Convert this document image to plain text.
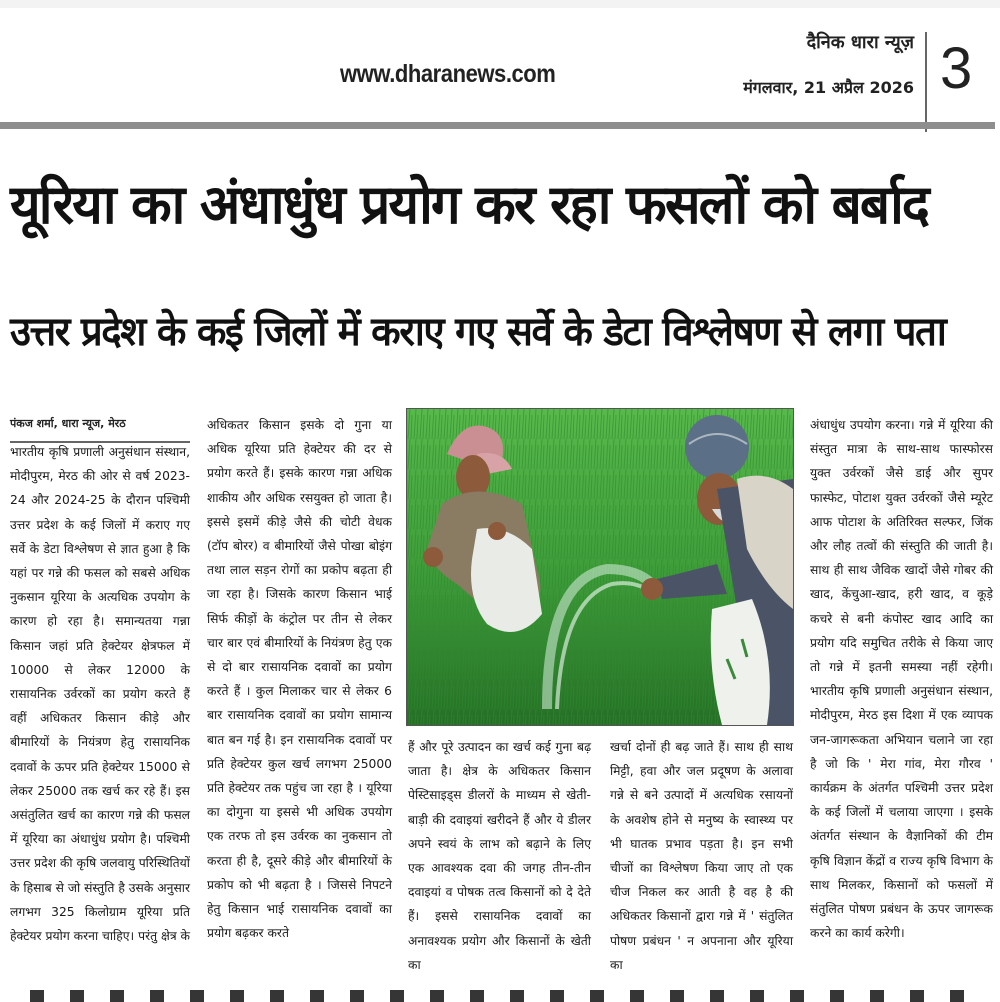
www.dharanews.com
दैनिक धारा न्यूज़
मंगलवार, 21 अप्रैल 2026 3
यूरिया का अंधाधुंध प्रयोग कर रहा फसलों को बर्बाद
उत्तर प्रदेश के कई जिलों में कराए गए सर्वे के डेटा विश्लेषण से लगा पता
पंकज शर्मा, धारा न्यूज, मेरठ
भारतीय कृषि प्रणाली अनुसंधान संस्थान, मोदीपुरम, मेरठ की ओर से वर्ष 2023-24 और 2024-25 के दौरान पश्चिमी उत्तर प्रदेश के कई जिलों में कराए गए सर्वे के डेटा विश्लेषण से ज्ञात हुआ है कि यहां पर गन्ने की फसल को सबसे अधिक नुकसान यूरिया के अत्यधिक उपयोग के कारण हो रहा है। समान्यतया गन्ना किसान जहां प्रति हेक्टेयर क्षेत्रफल में 10000 से लेकर 12000 के रासायनिक उर्वरकों का प्रयोग करते हैं वहीं अधिकतर किसान कीड़े और बीमारियों के नियंत्रण हेतु रासायनिक दवावों के ऊपर प्रति हेक्टेयर 15000 से लेकर 25000 तक खर्च कर रहे हैं। इस असंतुलित खर्च का कारण गन्ने की फसल में यूरिया का अंधाधुंध प्रयोग है। पश्चिमी उत्तर प्रदेश की कृषि जलवायु परिस्थितियों के हिसाब से जो संस्तुति है उसके अनुसार लगभग 325 किलोग्राम यूरिया प्रति हेक्टेयर प्रयोग करना चाहिए। परंतु क्षेत्र के
अधिकतर किसान इसके दो गुना या अधिक यूरिया प्रति हेक्टेयर की दर से प्रयोग करते हैं। इसके कारण गन्ना अधिक शाकीय और अधिक रसयुक्त हो जाता है। इससे इसमें कीड़े जैसे की चोटी वेधक (टॉप बोरर) व बीमारियों जैसे पोखा बोइंग तथा लाल सड़न रोगों का प्रकोप बढ़ता ही जा रहा है। जिसके कारण किसान भाई सिर्फ कीड़ों के कंट्रोल पर तीन से लेकर चार बार एवं बीमारियों के नियंत्रण हेतु एक से दो बार रासायनिक दवावों का प्रयोग करते हैं । कुल मिलाकर चार से लेकर 6 बार रासायनिक दवावों का प्रयोग सामान्य बात बन गई है। इन रासायनिक दवावों पर प्रति हेक्टेयर कुल खर्च लगभग 25000 प्रति हेक्टेयर तक पहुंच जा रहा है । यूरिया का दोगुना या इससे भी अधिक उपयोग एक तरफ तो इस उर्वरक का नुकसान तो करता ही है, दूसरे कीड़े और बीमारियों के प्रकोप को भी बढ़ता है । जिससे निपटने हेतु किसान भाई रासायनिक दवावों का प्रयोग बढ़कर करते
हैं और पूरे उत्पादन का खर्च कई गुना बढ़ जाता है। क्षेत्र के अधिकतर किसान पेस्टिसाइड्स डीलरों के माध्यम से खेती-बाड़ी की दवाइयां खरीदने हैं और ये डीलर अपने स्वयं के लाभ को बढ़ाने के लिए एक आवश्यक दवा की जगह तीन-तीन दवाइयां व पोषक तत्व किसानों को दे देते हैं। इससे रासायनिक दवावों का अनावश्यक प्रयोग और किसानों के खेती का
खर्चा दोनों ही बढ़ जाते हैं। साथ ही साथ मिट्टी, हवा और जल प्रदूषण के अलावा गन्ने से बने उत्पादों में अत्यधिक रसायनों के अवशेष होने से मनुष्य के स्वास्थ्य पर भी घातक प्रभाव पड़ता है। इन सभी चीजों का विश्लेषण किया जाए तो एक चीज निकल कर आती है वह है की अधिकतर किसानों द्वारा गन्ने में ' संतुलित पोषण प्रबंधन ' न अपनाना और यूरिया का
अंधाधुंध उपयोग करना। गन्ने में यूरिया की संस्तुत मात्रा के साथ-साथ फास्फोरस युक्त उर्वरकों जैसे डाई और सुपर फास्फेट, पोटाश युक्त उर्वरकों जैसे म्यूरेट आफ पोटाश के अतिरिक्त सल्फर, जिंक और लौह तत्वों की संस्तुति की जाती है। साथ ही साथ जैविक खादों जैसे गोबर की खाद, केंचुआ-खाद, हरी खाद, व कूड़े कचरे से बनी कंपोस्ट खाद आदि का प्रयोग यदि समुचित तरीके से किया जाए तो गन्ने में इतनी समस्या नहीं रहेगी। भारतीय कृषि प्रणाली अनुसंधान संस्थान, मोदीपुरम, मेरठ इस दिशा में एक व्यापक जन-जागरूकता अभियान चलाने जा रहा है जो कि ' मेरा गांव, मेरा गौरव ' कार्यक्रम के अंतर्गत पश्चिमी उत्तर प्रदेश के कई जिलों में चलाया जाएगा । इसके अंतर्गत संस्थान के वैज्ञानिकों की टीम कृषि विज्ञान केंद्रों व राज्य कृषि विभाग के साथ मिलकर, किसानों को फसलों में संतुलित पोषण प्रबंधन के ऊपर जागरूक करने का कार्य करेगी।
